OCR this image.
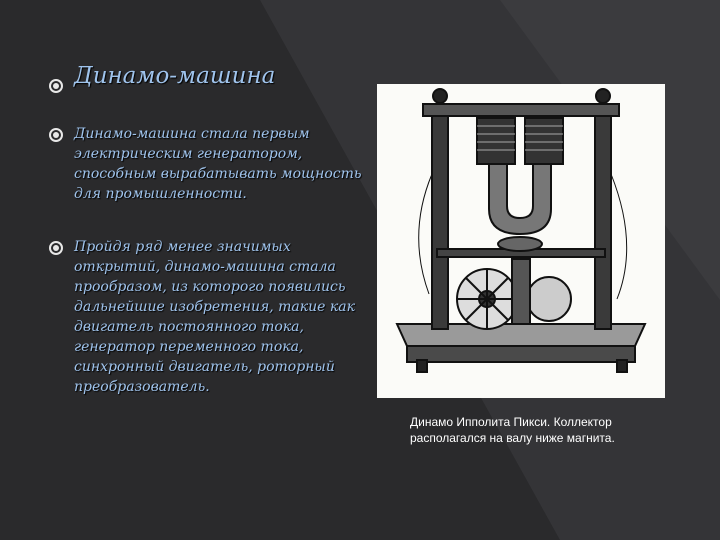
Динамо-машина

Динамо-машина стала первым электрическим генератором, способным вырабатывать мощность для промышленности.

Пройдя ряд менее значимых открытий, динамо-машина стала прообразом, из которого появились дальнейшие изобретения, такие как двигатель постоянного тока, генератор переменного тока, синхронный двигатель, роторный преобразователь.

Динамо Ипполита Пикси. Коллектор располагался на валу ниже магнита.
